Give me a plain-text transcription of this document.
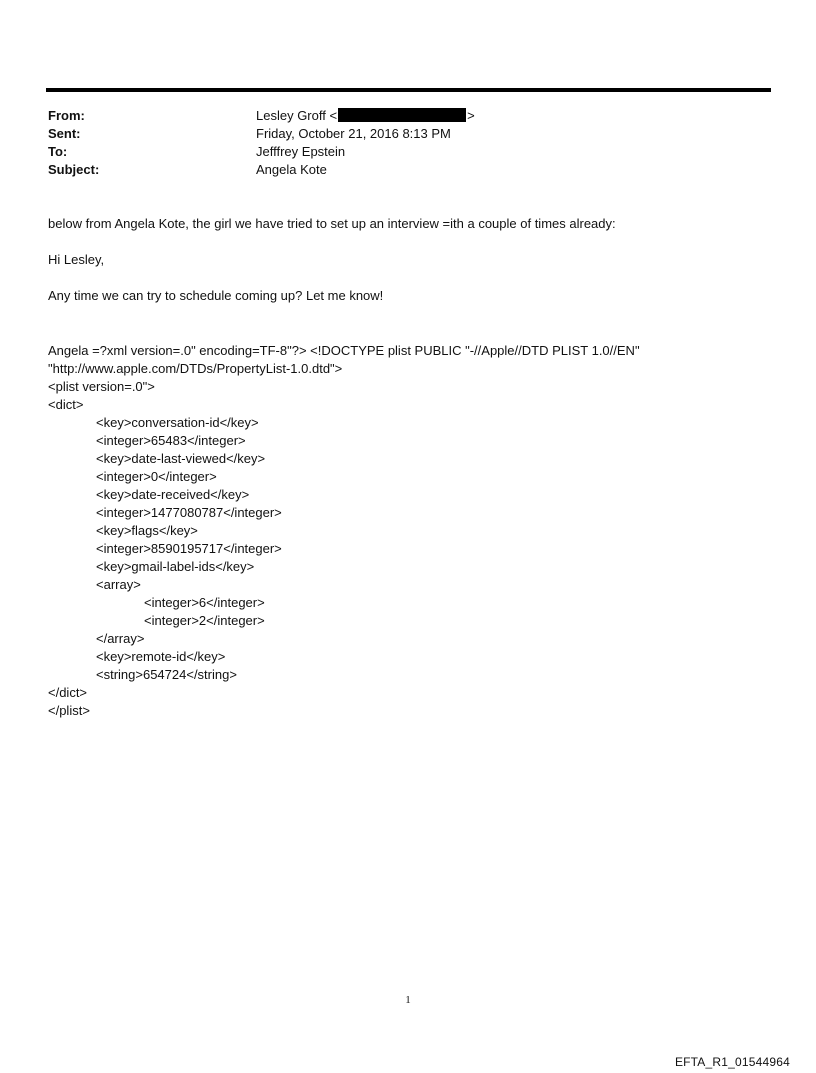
From:	Lesley Groff <	>
Sent:	Friday, October 21, 2016 8:13 PM
To:	Jefffrey Epstein
Subject:	Angela Kote
below from Angela Kote, the girl we have tried to set up an interview =ith a couple of times already:
Hi Lesley,
Any time we can try to schedule coming up? Let me know!
Angela =?xml version=.0" encoding=TF-8"?> <!DOCTYPE plist PUBLIC "-//Apple//DTD PLIST 1.0//EN"
"http://www.apple.com/DTDs/PropertyList-1.0.dtd">
<plist version=.0">
<dict>
<key>conversation-id</key>
<integer>65483</integer>
<key>date-last-viewed</key>
<integer>0</integer>
<key>date-received</key>
<integer>1477080787</integer>
<key>flags</key>
<integer>8590195717</integer>
<key>gmail-label-ids</key>
<array>
<integer>6</integer>
<integer>2</integer>
</array>
<key>remote-id</key>
<string>654724</string>
</dict>
</plist>
1
EFTA_R1_01544964
